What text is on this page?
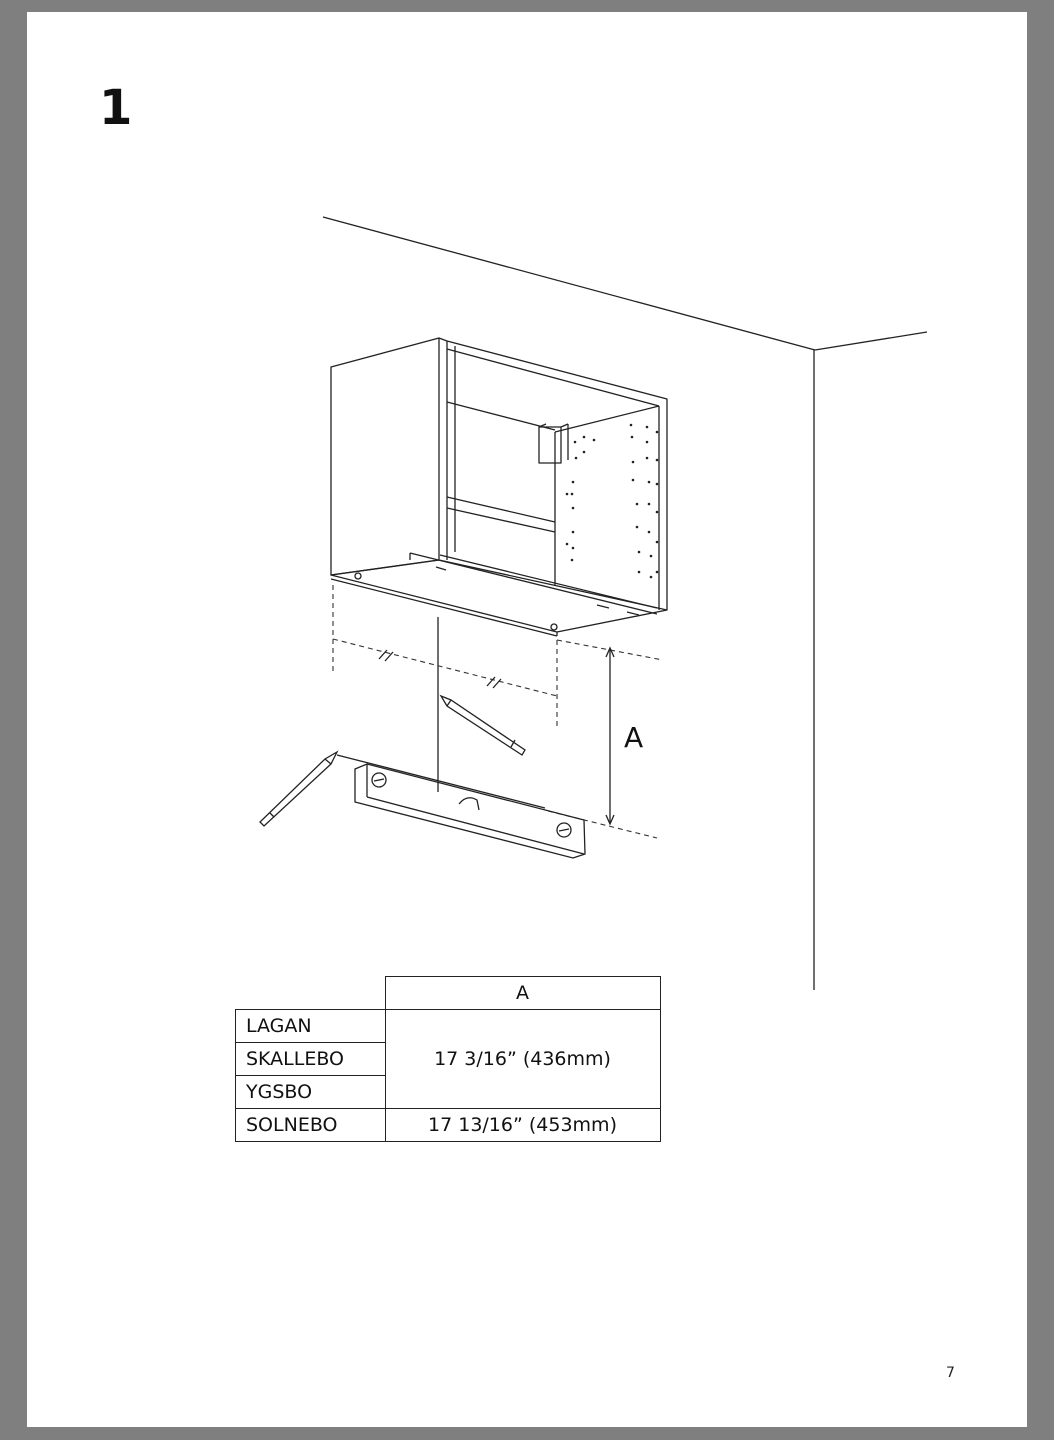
1
A
	A
LAGAN	17 3/16” (436mm)
SKALLEBO	
YGSBO	
SOLNEBO	17 13/16” (453mm)
7
